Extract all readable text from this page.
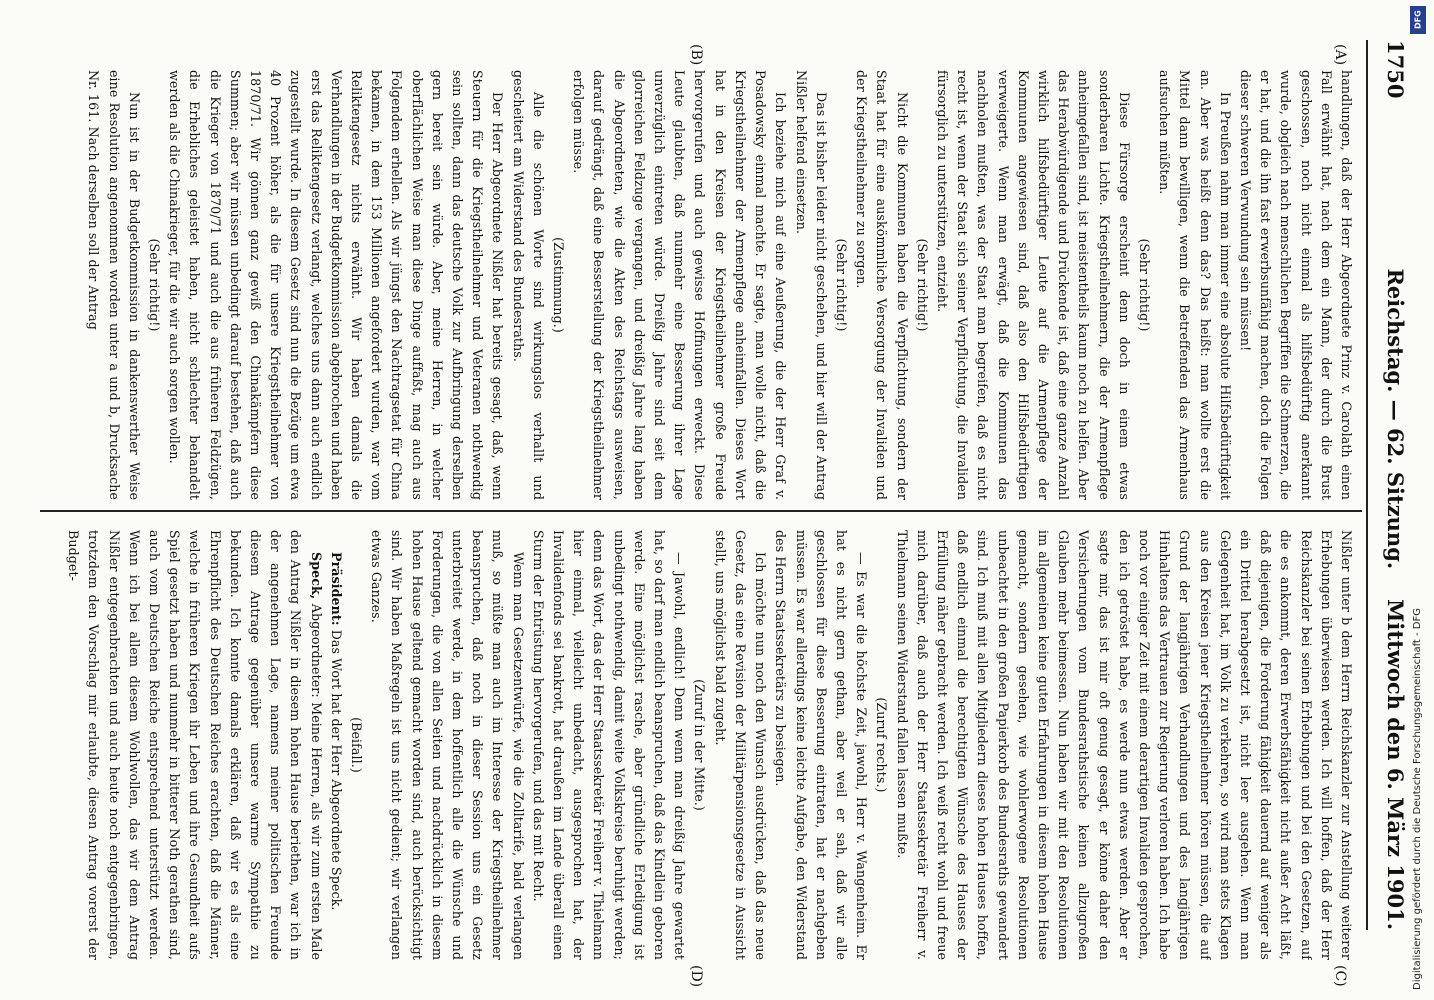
1750
Reichstag. — 62. Sitzung.
Mittwoch den 6. März 1901.
(A)
(B)
(C)
(D)

handlungen, daß der Herr Abgeordnete Prinz v. Carolath einen Fall erwähnt hat, nach dem ein Mann, der durch die Brust geschossen, noch nicht einmal als hilfsbedürftig anerkannt wurde, obgleich nach menschlichen Begriffen die Schmerzen, die er hat, und die ihn fast erwerbsunfähig machen, doch die Folgen dieser schweren Verwundung sein müssen!

In Preußen nahm man immer eine absolute Hilfsbedürftigkeit an. Aber was heißt denn das? Das heißt: man wollte erst die Mittel dann bewilligen, wenn die Betreffenden das Armenhaus aufsuchen müßten.

(Sehr richtig!)

Diese Fürsorge erscheint denn doch in einem etwas sonderbaren Lichte. Kriegstheilnehmern, die der Armenpflege anheimgefallen sind, ist meistentheils kaum noch zu helfen. Aber das Herabwürdigende und Drückende ist, daß eine ganze Anzahl wirklich hilfsbedürftiger Leute auf die Armenpflege der Kommunen angewiesen sind, daß also den Hilfsbedürftigen verweigerte. Wenn man erwägt, daß die Kommunen das nachholen mußten, was der Staat man begreifen, daß es nicht recht ist, wenn der Staat sich seiner Verpflichtung, die Invaliden fürsorglich zu unterstützen, entzieht.

(Sehr richtig!)

Nicht die Kommunen haben die Verpflichtung, sondern der Staat hat für eine auskömmliche Versorgung der Invaliden und der Kriegstheilnehmer zu sorgen.

(Sehr richtig!)

Das ist bisher leider nicht geschehen, und hier will der Antrag Nißler helfend einsetzen.

Ich beziehe mich auf eine Aeußerung, die der Herr Graf v. Posadowsky einmal machte. Er sagte, man wolle nicht, daß die Kriegstheilnehmer der Armenpflege anheimfallen. Dieses Wort hat in den Kreisen der Kriegstheilnehmer große Freude hervorgerufen und auch gewisse Hoffnungen erweckt. Diese Leute glaubten, daß nunmehr eine Besserung ihrer Lage unverzüglich eintreten würde. Dreißig Jahre sind seit dem glorreichen Feldzuge vergangen, und dreißig Jahre lang haben die Abgeordneten, wie die Akten des Reichstags ausweisen, darauf gedrängt, daß eine Besserstellung der Kriegstheilnehmer erfolgen müsse.

(Zustimmung.)

Alle die schönen Worte sind wirkungslos verhallt und gescheitert am Widerstand des Bundesraths.

Der Herr Abgeordnete Nißler hat bereits gesagt, daß, wenn Steuern für die Kriegstheilnehmer und Veteranen nothwendig sein sollten, dann das deutsche Volk zur Aufbringung derselben gern bereit sein würde. Aber, meine Herren, in welcher oberflächlichen Weise man diese Dinge auffaßt, mag auch aus Folgendem erhellen. Als wir jüngst den Nachtragsetat für China bekamen, in dem 153 Millionen angefordert wurden, war vom Reliktengesetz nichts erwähnt. Wir haben damals die Verhandlungen in der Budgetkommission abgebrochen und haben erst das Reliktengesetz verlangt, welches uns dann auch endlich zugestellt wurde. In diesem Gesetz sind nun die Bezüge um etwa 40 Prozent höher, als die für unsere Kriegstheilnehmer von 1870/71. Wir gönnen ganz gewiß den Chinakämpfern diese Summen; aber wir müssen unbedingt darauf bestehen, daß auch die Krieger von 1870/71 und auch die aus früheren Feldzügen, die Erhebliches geleistet haben, nicht schlechter behandelt werden als die Chinakrieger, für die wir auch sorgen wollen.

(Sehr richtig!)

Nun ist in der Budgetkommission in dankenswerther Weise eine Resolution angenommen worden unter a und b, Drucksache Nr. 161. Nach derselben soll der Antrag

Nißler unter b dem Herrn Reichskanzler zur Anstellung weiterer Erhebungen überwiesen werden. Ich will hoffen, daß der Herr Reichskanzler bei seinen Erhebungen und bei den Gesetzen, auf die es ankommt, deren Erwerbsfähigkeit nicht außer Acht läßt, daß diejenigen, die Forderung fähigkeit dauernd auf weniger als ein Drittel herabgesetzt ist, nicht leer ausgehen. Wenn man Gelegenheit hat, im Volk zu verkehren, so wird man stets Klagen aus den Kreisen jener Kriegstheilnehmer hören müssen, die auf Grund der langjährigen Verhandlungen und des langjährigen Hinhaltens das Vertrauen zur Regierung verloren haben. Ich habe noch vor einiger Zeit mit einem derartigen Invaliden gesprochen, den ich getröstet habe, es werde nun etwas werden. Aber er sagte mir, das ist mir oft genug gesagt, er könne daher den Versicherungen vom Bundesrathstische keinen allzugroßen Glauben mehr beimessen. Nun haben wir mit den Resolutionen im allgemeinen keine guten Erfahrungen in diesem hohen Hause gemacht, sondern gesehen, wie wohlerwogene Resolutionen unbeachtet in den großen Papierkorb des Bundesraths gewandert sind. Ich muß mit allen Mitgliedern dieses hohen Hauses hoffen, daß endlich einmal die berechtigten Wünsche des Hauses der Erfüllung näher gebracht werden. Ich weiß recht wohl und freue mich darüber, daß auch der Herr Staatssekretär Freiherr v. Thielmann seinen Widerstand fallen lassen mußte.

(Zuruf rechts.)

— Es war die höchste Zeit, jawohl, Herr v. Wangenheim. Er hat es nicht gern gethan, aber weil er sah, daß wir alle geschlossen für diese Besserung eintraten, hat er nachgeben müssen. Es war allerdings keine leichte Aufgabe, den Widerstand des Herrn Staatssekretärs zu besiegen.

Ich möchte nun noch den Wunsch ausdrücken, daß das neue Gesetz, das eine Revision der Militärpensionsgesetze in Aussicht stellt, uns möglichst bald zugeht.

(Zuruf in der Mitte.)

— Jawohl, endlich! Denn wenn man dreißig Jahre gewartet hat, so darf man endlich beanspruchen, daß das Kindlein geboren werde. Eine möglichst rasche, aber gründliche Erledigung ist unbedingt nothwendig, damit weite Volkskreise beruhigt werden; denn das Wort, das der Herr Staatssekretär Freiherr v. Thielmann hier einmal, vielleicht unbedacht, ausgesprochen hat, der Invalidenfonds sei bankrott, hat draußen im Lande überall einen Sturm der Entrüstung hervorgerufen, und das mit Recht.

Wenn man Gesetzentwürfe, wie die Zolltarife, bald verlangen muß, so müßte man auch im Interesse der Kriegstheilnehmer beanspruchen, daß noch in dieser Session uns ein Gesetz unterbreitet werde, in dem hoffentlich alle die Wünsche und Forderungen, die von allen Seiten und nachdrücklich in diesem hohen Hause geltend gemacht worden sind, auch berücksichtigt sind. Wir haben Maßregeln ist uns nicht gedient; wir verlangen etwas Ganzes.

(Beifall.)

Präsident: Das Wort hat der Herr Abgeordnete Speck.

Speck, Abgeordneter: Meine Herren, als wir zum ersten Male den Antrag Nißler in diesem hohen Hause beriethen, war ich in der angenehmen Lage, namens meiner politischen Freunde diesem Antrage gegenüber unsere warme Sympathie zu bekunden. Ich konnte damals erklären, daß wir es als eine Ehrenpflicht des Deutschen Reiches erachten, daß die Männer, welche in früheren Kriegen ihr Leben und ihre Gesundheit aufs Spiel gesetzt haben und nunmehr in bitterer Noth gerathen sind, auch vom Deutschen Reiche entsprechend unterstützt werden. Wenn ich bei allem diesem Wohlwollen, das wir dem Antrag Nißler entgegenbrachten und auch heute noch entgegenbringen, trotzdem den Vorschlag mir erlaubte, diesen Antrag vorerst der Budget-

DFG
Digitalisierung gefördert durch die Deutsche Forschungsgemeinschaft - DFG
